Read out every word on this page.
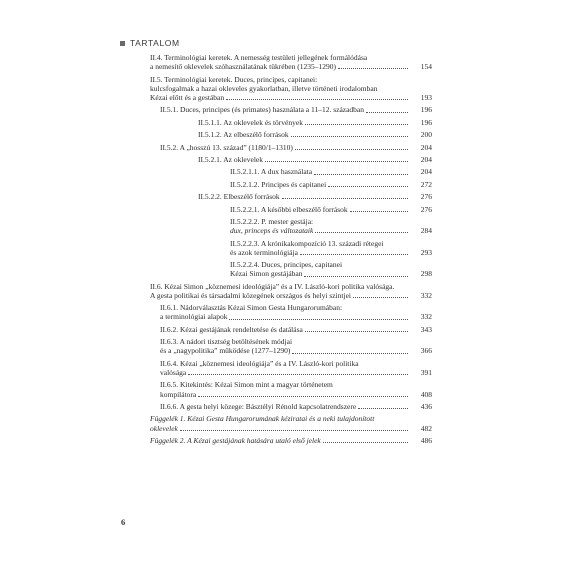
TARTALOM
II.4. Terminológiai keretek. A nemesség testületi jellegének formálódása
a nemesítő oklevelek szóhasználatának tükrében (1235–1290)	154
II.5. Terminológiai keretek. Duces, principes, capitanei:
kulcsfogalmak a hazai okleveles gyakorlatban, illetve történeti irodalomban
Kézai előtt és a gestában	193
II.5.1. Duces, principes (és primates) használata a 11–12. században	196
II.5.1.1. Az oklevelek és törvények	196
II.5.1.2. Az elbeszélő források	200
II.5.2. A „hosszú 13. század” (1180/1–1310)	204
II.5.2.1. Az oklevelek	204
II.5.2.1.1. A dux használata	204
II.5.2.1.2. Principes és capitanei	272
II.5.2.2. Elbeszélő források	276
II.5.2.2.1. A későbbi elbeszélő források	276
II.5.2.2.2. P. mester gestája:
dux, princeps és változataik	284
II.5.2.2.3. A krónikakompozíció 13. századi rétegei
és azok terminológiája	293
II.5.2.2.4. Duces, principes, capitanei
Kézai Simon gestájában	298
II.6. Kézai Simon „köznemesi ideológiája” és a IV. László-kori politika valósága.
A gesta politikai és társadalmi közegének országos és helyi szintjei	332
II.6.1. Nádorválasztás Kézai Simon Gesta Hungarorumában:
a terminológiai alapok	332
II.6.2. Kézai gestájának rendeltetése és datálása	343
II.6.3. A nádori tisztség betöltésének módjai
és a „nagypolitika” működése (1277–1290)	366
II.6.4. Kézai „köznemesi ideológiája” és a IV. László-kori politika
valósága	391
II.6.5. Kitekintés: Kézai Simon mint a magyar történetem
kompilátora	408
II.6.6. A gesta helyi közege: Básztélyi Rénold kapcsolatrendszere	436
Függelék 1. Kézai Gesta Hungarorumának kéziratai és a neki tulajdonított
oklevelek	482
Függelék 2. A Kézai gestájának hatására utaló első jelek	486
6
